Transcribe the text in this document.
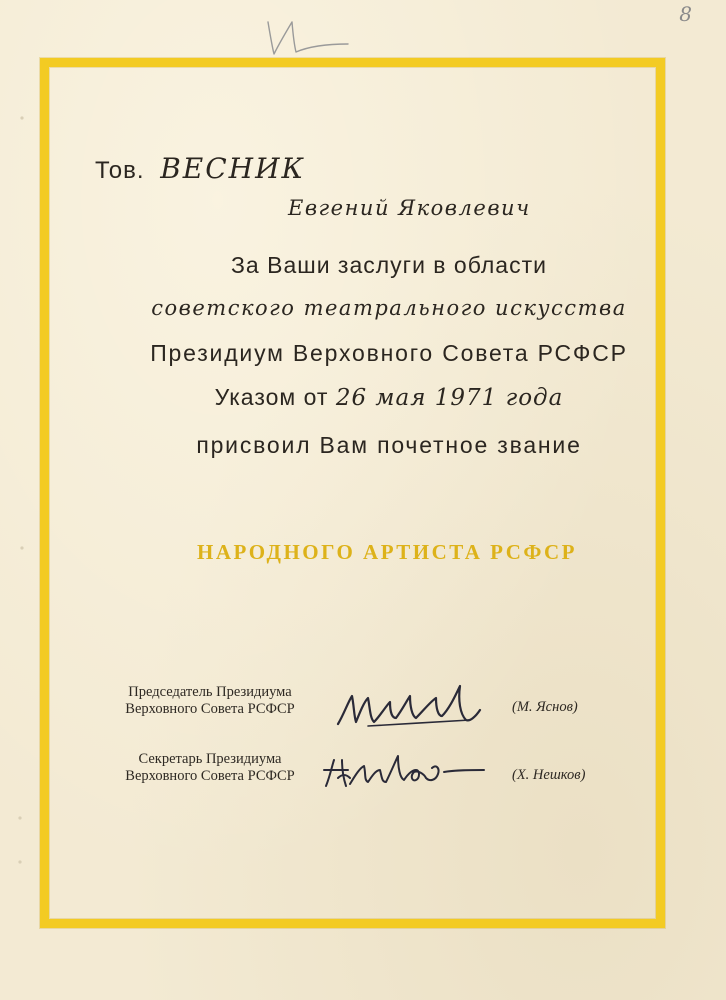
8
Тов. ВЕСНИК
Евгений Яковлевич
За Ваши заслуги в области
советского театрального искусства
Президиум Верховного Совета РСФСР
Указом от 26 мая 1971 года
присвоил Вам почетное звание
НАРОДНОГО АРТИСТА РСФСР
Председатель Президиума
Верховного Совета РСФСР	(М. Яснов)
Секретарь Президиума
Верховного Совета РСФСР	(Х. Нешков)
